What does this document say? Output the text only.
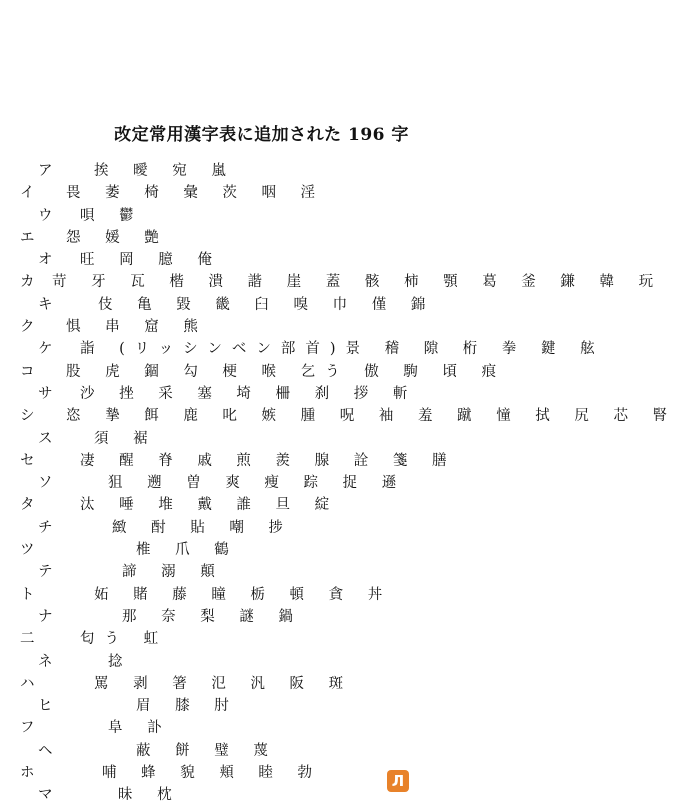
改定常用漢字表に追加された 196 字
ア	挨 曖 宛 嵐
イ 畏 萎 椅 彙 茨 咽 淫
ウ 唄 鬱
エ 怨 媛 艶
オ 旺 岡 臆 俺
カ 苛 牙 瓦 楷 潰 諧 崖 蓋 骸 柿 顎 葛 釜 鎌 韓 玩
キ	伎 亀 毀 畿 臼 嗅 巾 僅 錦
ク 惧 串 窟 熊
ケ 詣 (リッシンベン部首)景 稽 隙 桁 拳 鍵 舷
コ 股 虎 錮 勾 梗 喉 乞う 傲 駒 頃 痕
サ 沙 挫 采 塞 埼 柵 刹 拶 斬
シ 恣 摯 餌 鹿 叱 嫉 腫 呪 袖 羞 蹴 憧 拭 尻 芯 腎
ス	須 裾
セ	凄 醒 脊 戚 煎 羨 腺 詮 箋 膳
ソ	狙 遡 曽 爽 痩 踪 捉 遜
タ	汰 唾 堆 戴 誰 旦 綻
チ	緻 酎 貼 嘲 捗
ツ	椎 爪 鶴
テ	諦 溺 顛
ト	妬 賭 藤 瞳 栃 頓 貪 丼
ナ	那 奈 梨 謎 鍋
二	匂う 虹
ネ	捻
ハ	罵 剥 箸 氾 汎 阪 斑
ヒ	眉 膝 肘
フ	阜 訃
ヘ	蔽 餅 璧 蔑
ホ	哺 蜂 貌 頬 睦 勃
マ	昧 枕
Л
